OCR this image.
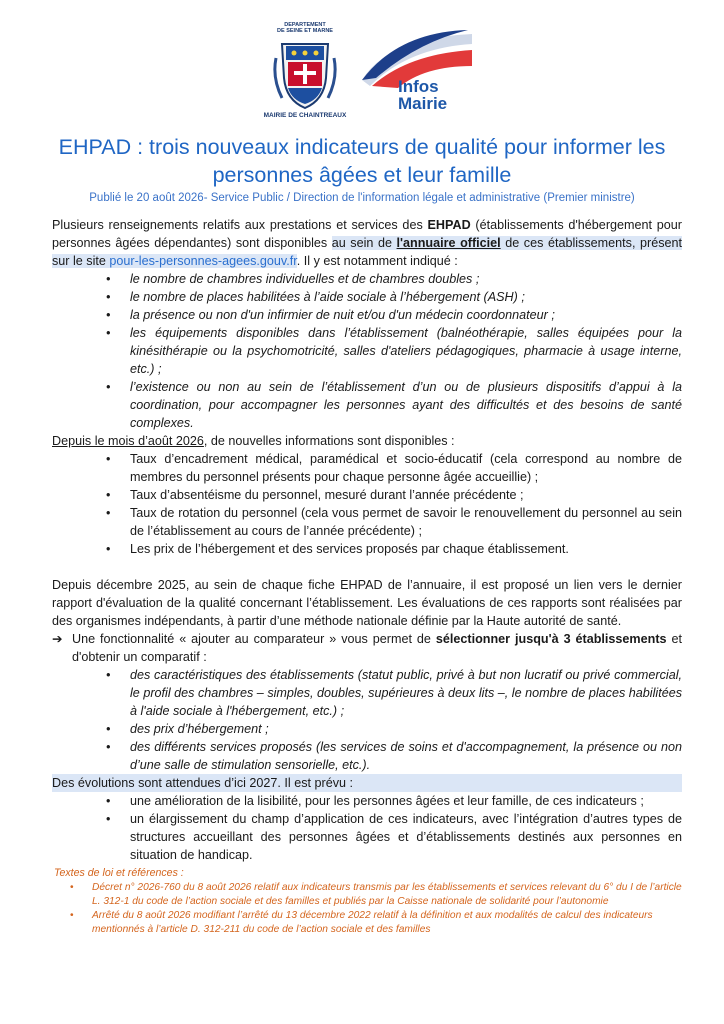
DEPARTEMENT
DE SEINE ET MARNE
MAIRIE DE CHAINTREAUX
Infos
Mairie
EHPAD : trois nouveaux indicateurs de qualité pour informer les personnes âgées et leur famille
Publié le 20 août 2026- Service Public / Direction de l'information légale et administrative (Premier ministre)

Plusieurs renseignements relatifs aux prestations et services des EHPAD (établissements d'hébergement pour personnes âgées dépendantes) sont disponibles au sein de l'annuaire officiel de ces établissements, présent sur le site pour-les-personnes-agees.gouv.fr. Il y est notamment indiqué :

• le nombre de chambres individuelles et de chambres doubles ;
• le nombre de places habilitées à l’aide sociale à l’hébergement (ASH) ;
• la présence ou non d'un infirmier de nuit et/ou d'un médecin coordonnateur ;
• les équipements disponibles dans l’établissement (balnéothérapie, salles équipées pour la kinésithérapie ou la psychomotricité, salles d'ateliers pédagogiques, pharmacie à usage interne, etc.) ;
• l’existence ou non au sein de l’établissement d’un ou de plusieurs dispositifs d’appui à la coordination, pour accompagner les personnes ayant des difficultés et des besoins de santé complexes.

Depuis le mois d’août 2026, de nouvelles informations sont disponibles :

• Taux d’encadrement médical, paramédical et socio-éducatif (cela correspond au nombre de membres du personnel présents pour chaque personne âgée accueillie) ;
• Taux d’absentéisme du personnel, mesuré durant l’année précédente ;
• Taux de rotation du personnel (cela vous permet de savoir le renouvellement du personnel au sein de l’établissement au cours de l’année précédente) ;
• Les prix de l’hébergement et des services proposés par chaque établissement.

Depuis décembre 2025, au sein de chaque fiche EHPAD de l’annuaire, il est proposé un lien vers le dernier rapport d'évaluation de la qualité concernant l’établissement. Les évaluations de ces rapports sont réalisées par des organismes indépendants, à partir d’une méthode nationale définie par la Haute autorité de santé.

➔ Une fonctionnalité « ajouter au comparateur » vous permet de sélectionner jusqu'à 3 établissements et d'obtenir un comparatif :
• des caractéristiques des établissements (statut public, privé à but non lucratif ou privé commercial, le profil des chambres – simples, doubles, supérieures à deux lits –, le nombre de places habilitées à l'aide sociale à l'hébergement, etc.) ;
• des prix d’hébergement ;
• des différents services proposés (les services de soins et d'accompagnement, la présence ou non d’une salle de stimulation sensorielle, etc.).

Des évolutions sont attendues d’ici 2027. Il est prévu :

• une amélioration de la lisibilité, pour les personnes âgées et leur famille, de ces indicateurs ;
• un élargissement du champ d’application de ces indicateurs, avec l’intégration d’autres types de structures accueillant des personnes âgées et d’établissements destinés aux personnes en situation de handicap.
Textes de loi et références :
• Décret n° 2026-760 du 8 août 2026 relatif aux indicateurs transmis par les établissements et services relevant du 6° du I de l’article L. 312-1 du code de l’action sociale et des familles et publiés par la Caisse nationale de solidarité pour l’autonomie
• Arrêté du 8 août 2026 modifiant l’arrêté du 13 décembre 2022 relatif à la définition et aux modalités de calcul des indicateurs mentionnés à l’article D. 312-211 du code de l’action sociale et des familles
